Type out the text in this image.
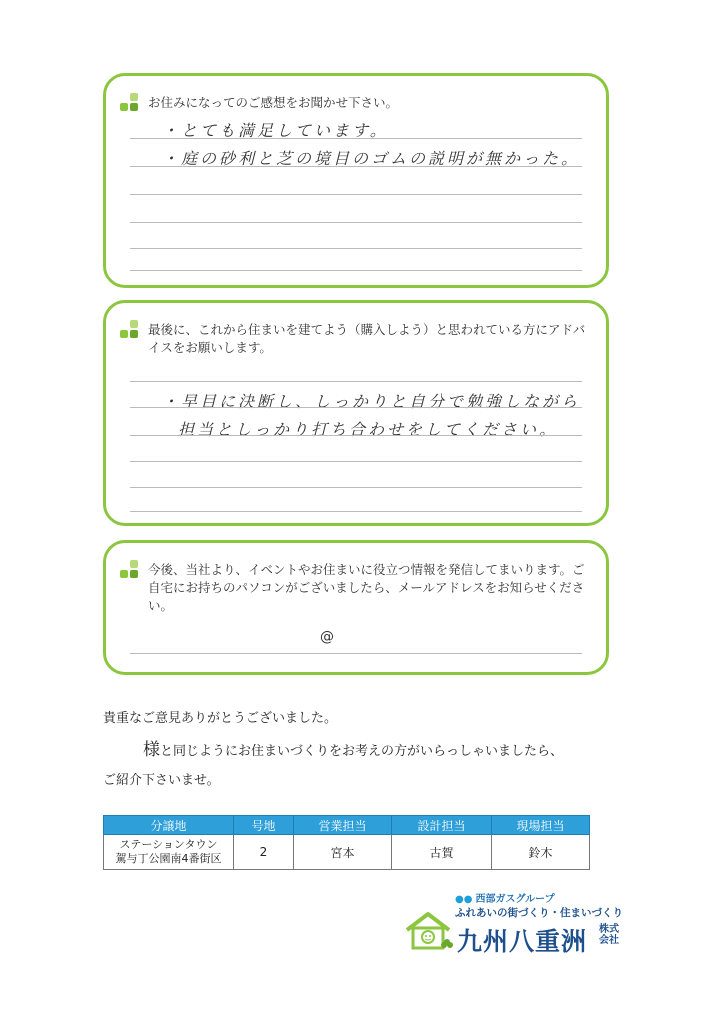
お住みになってのご感想をお聞かせ下さい。
・とても満足しています。
・庭の砂利と芝の境目のゴムの説明が無かった。
最後に、これから住まいを建てよう（購入しよう）と思われている方にアドバイスをお願いします。
・早目に決断し、しっかりと自分で勉強しながら
担当としっかり打ち合わせをしてください。
今後、当社より、イベントやお住まいに役立つ情報を発信してまいります。ご自宅にお持ちのパソコンがございましたら、メールアドレスをお知らせください。
@
貴重なご意見ありがとうございました。
様と同じようにお住まいづくりをお考えの方がいらっしゃいましたら、
ご紹介下さいませ。
分譲地	号地	営業担当	設計担当	現場担当
ステーションタウン
駕与丁公園南4番街区	2	宮本	古賀	鈴木
●● 西部ガスグループ
ふれあいの街づくり・住まいづくり
九州八重洲 株式会社
